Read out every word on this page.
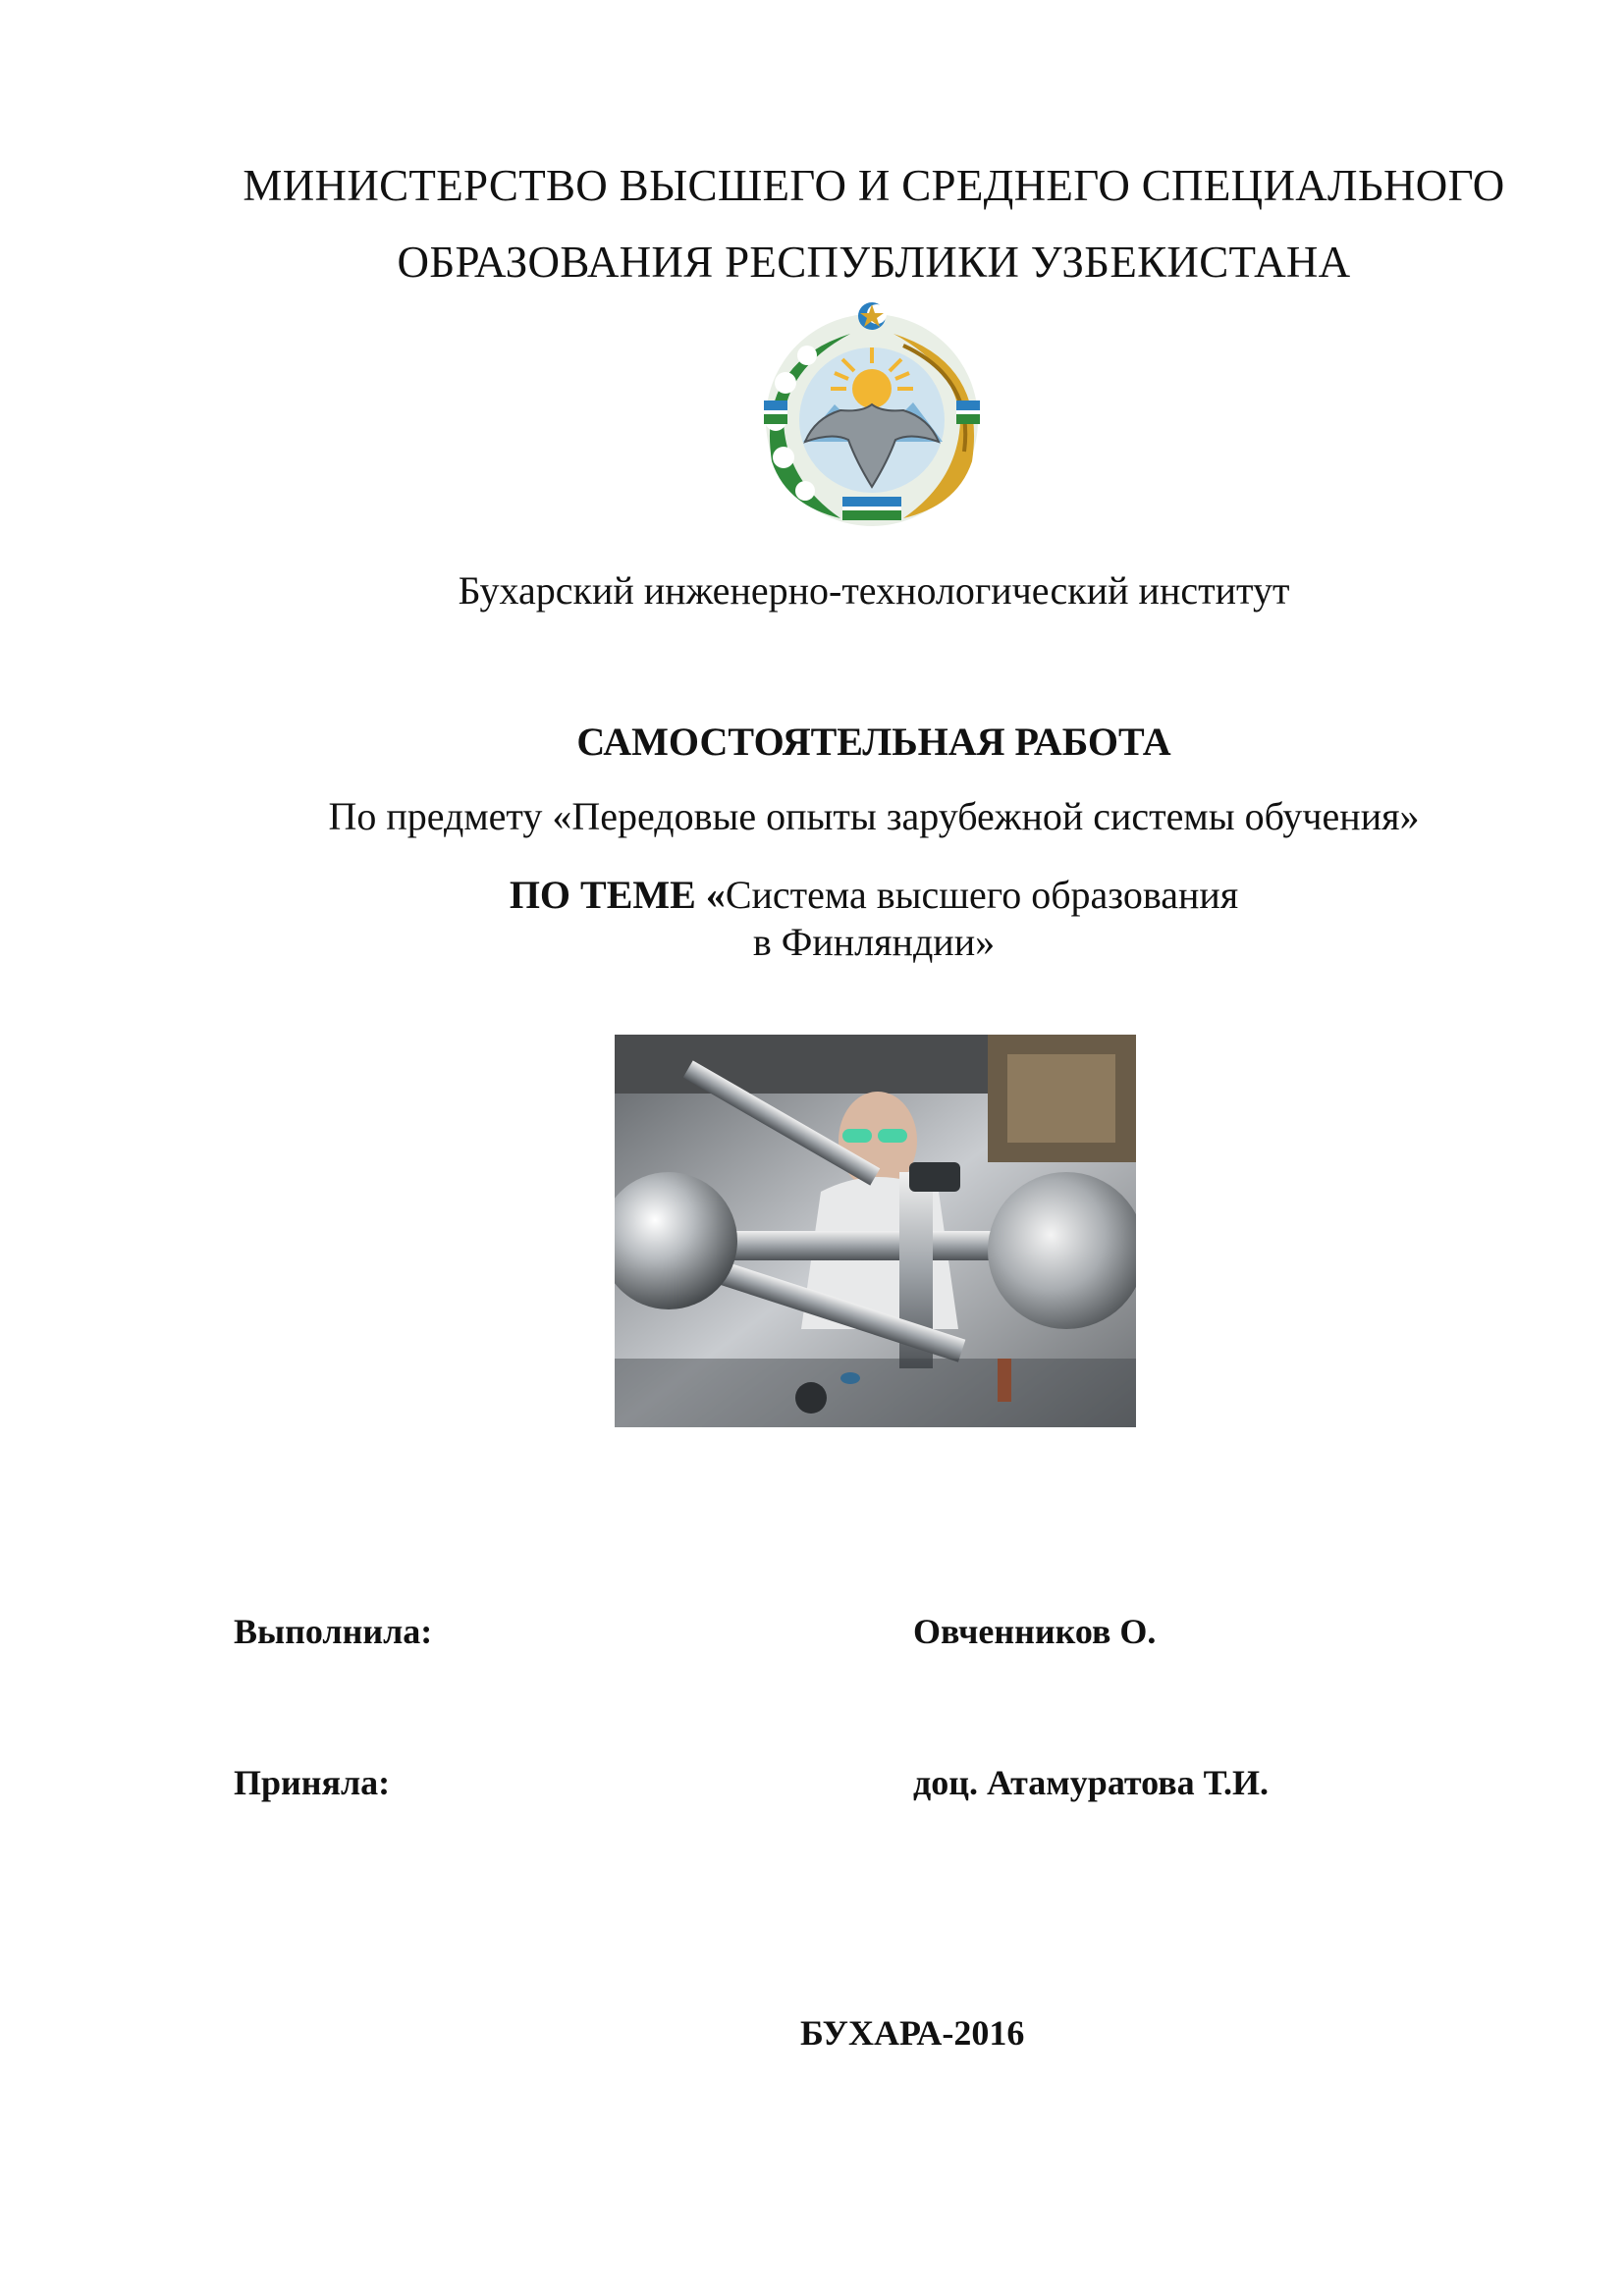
МИНИСТЕРСТВО ВЫСШЕГО И СРЕДНЕГО СПЕЦИАЛЬНОГО
ОБРАЗОВАНИЯ РЕСПУБЛИКИ УЗБЕКИСТАНА
Бухарский инженерно-технологический институт
САМОСТОЯТЕЛЬНАЯ РАБОТА
По предмету «Передовые опыты зарубежной системы обучения»
ПО ТЕМЕ «Система высшего образования
в Финляндии»
Выполнила:	Овченников О.
Приняла:	доц. Атамуратова Т.И.
БУХАРА-2016
